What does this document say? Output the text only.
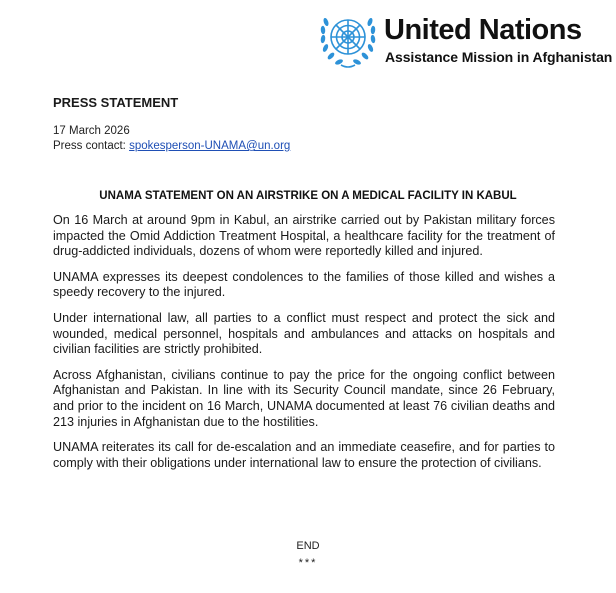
United Nations
Assistance Mission in Afghanistan
PRESS STATEMENT
17 March 2026
Press contact: spokesperson-UNAMA@un.org
UNAMA STATEMENT ON AN AIRSTRIKE ON A MEDICAL FACILITY IN KABUL

On 16 March at around 9pm in Kabul, an airstrike carried out by Pakistan military forces impacted the Omid Addiction Treatment Hospital, a healthcare facility for the treatment of drug-addicted individuals, dozens of whom were reportedly killed and injured.

UNAMA expresses its deepest condolences to the families of those killed and wishes a speedy recovery to the injured.

Under international law, all parties to a conflict must respect and protect the sick and wounded, medical personnel, hospitals and ambulances and attacks on hospitals and civilian facilities are strictly prohibited.

Across Afghanistan, civilians continue to pay the price for the ongoing conflict between Afghanistan and Pakistan. In line with its Security Council mandate, since 26 February, and prior to the incident on 16 March, UNAMA documented at least 76 civilian deaths and 213 injuries in Afghanistan due to the hostilities.

UNAMA reiterates its call for de-escalation and an immediate ceasefire, and for parties to comply with their obligations under international law to ensure the protection of civilians.

END
***
